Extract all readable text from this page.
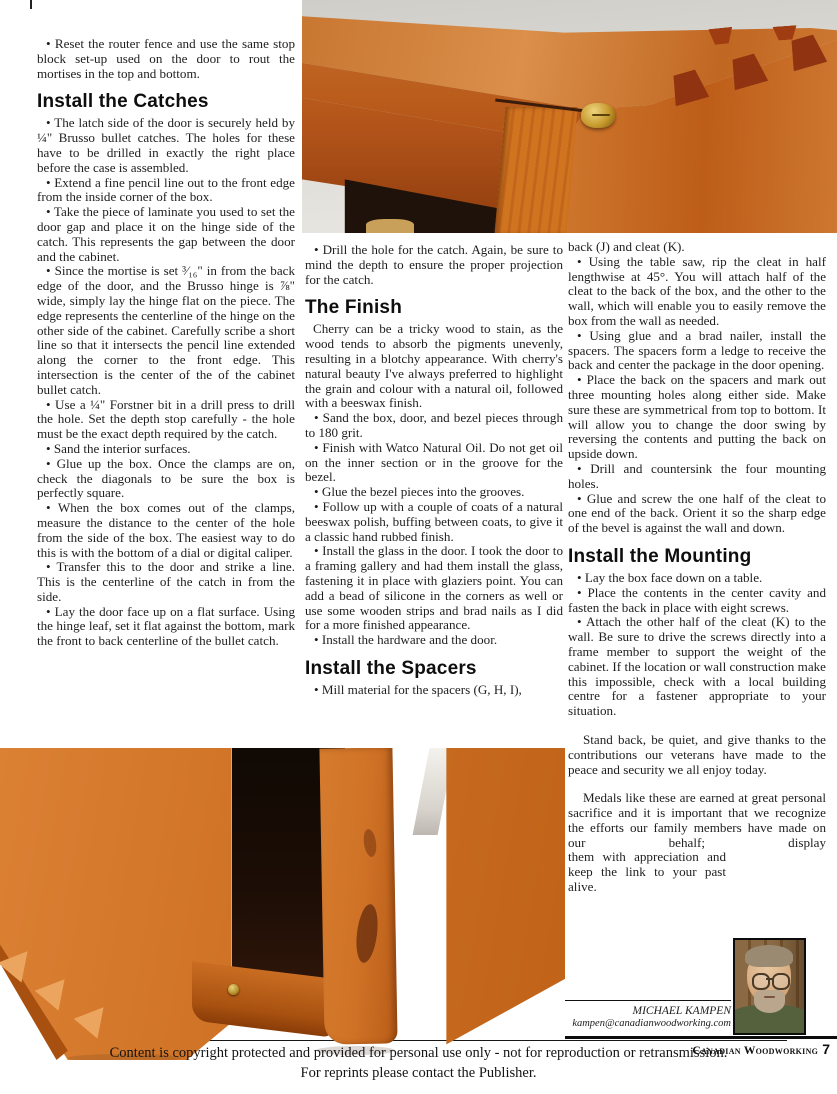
• Reset the router fence and use the same stop block set-up used on the door to rout the mortises in the top and bottom.

Install the Catches

• The latch side of the door is securely held by ¼" Brusso bullet catches. The holes for these have to be drilled in exactly the right place before the case is assembled.

• Extend a fine pencil line out to the front edge from the inside corner of the box.

• Take the piece of laminate you used to set the door gap and place it on the hinge side of the catch. This represents the gap between the door and the cabinet.

• Since the mortise is set ³⁄₁₆" in from the back edge of the door, and the Brusso hinge is ⅞" wide, simply lay the hinge flat on the piece. The edge represents the centerline of the hinge on the other side of the cabinet. Carefully scribe a short line so that it intersects the pencil line extended along the corner to the front edge. This intersection is the center of the of the cabinet bullet catch.

• Use a ¼" Forstner bit in a drill press to drill the hole. Set the depth stop carefully - the hole must be the exact depth required by the catch.

• Sand the interior surfaces.

• Glue up the box. Once the clamps are on, check the diagonals to be sure the box is perfectly square.

• When the box comes out of the clamps, measure the distance to the center of the hole from the side of the box. The easiest way to do this is with the bottom of a dial or digital caliper.

• Transfer this to the door and strike a line. This is the centerline of the catch in from the side.

• Lay the door face up on a flat surface. Using the hinge leaf, set it flat against the bottom, mark the front to back centerline of the bullet catch.

• Drill the hole for the catch. Again, be sure to mind the depth to ensure the proper projection for the catch.

The Finish

Cherry can be a tricky wood to stain, as the wood tends to absorb the pigments unevenly, resulting in a blotchy appearance. With cherry's natural beauty I've always preferred to highlight the grain and colour with a natural oil, followed with a beeswax finish.

• Sand the box, door, and bezel pieces through to 180 grit.

• Finish with Watco Natural Oil. Do not get oil on the inner section or in the groove for the bezel.

• Glue the bezel pieces into the grooves.

• Follow up with a couple of coats of a natural beeswax polish, buffing between coats, to give it a classic hand rubbed finish.

• Install the glass in the door. I took the door to a framing gallery and had them install the glass, fastening it in place with glaziers point. You can add a bead of silicone in the corners as well or use some wooden strips and brad nails as I did for a more finished appearance.

• Install the hardware and the door.

Install the Spacers

• Mill material for the spacers (G, H, I),

back (J) and cleat (K).

• Using the table saw, rip the cleat in half lengthwise at 45°. You will attach half of the cleat to the back of the box, and the other to the wall, which will enable you to easily remove the box from the wall as needed.

• Using glue and a brad nailer, install the spacers. The spacers form a ledge to receive the back and center the package in the door opening.

• Place the back on the spacers and mark out three mounting holes along either side. Make sure these are symmetrical from top to bottom. It will allow you to change the door swing by reversing the contents and putting the back on upside down.

• Drill and countersink the four mounting holes.

• Glue and screw the one half of the cleat to one end of the back. Orient it so the sharp edge of the bevel is against the wall and down.

Install the Mounting

• Lay the box face down on a table.

• Place the contents in the center cavity and fasten the back in place with eight screws.

• Attach the other half of the cleat (K) to the wall. Be sure to drive the screws directly into a frame member to support the weight of the cabinet. If the location or wall construction make this impossible, check with a local building centre for a fastener appropriate to your situation.

Stand back, be quiet, and give thanks to the contributions our veterans have made to the peace and security we all enjoy today.

Medals like these are earned at great personal sacrifice and it is important that we recognize the efforts our family members have made on our behalf; display

them with appreciation and keep the link to your past alive.

MICHAEL KAMPEN
kampen@canadianwoodworking.com
Content is copyright protected and provided for personal use only - not for reproduction or retransmission.
For reprints please contact the Publisher.
Canadian Woodworking 7
